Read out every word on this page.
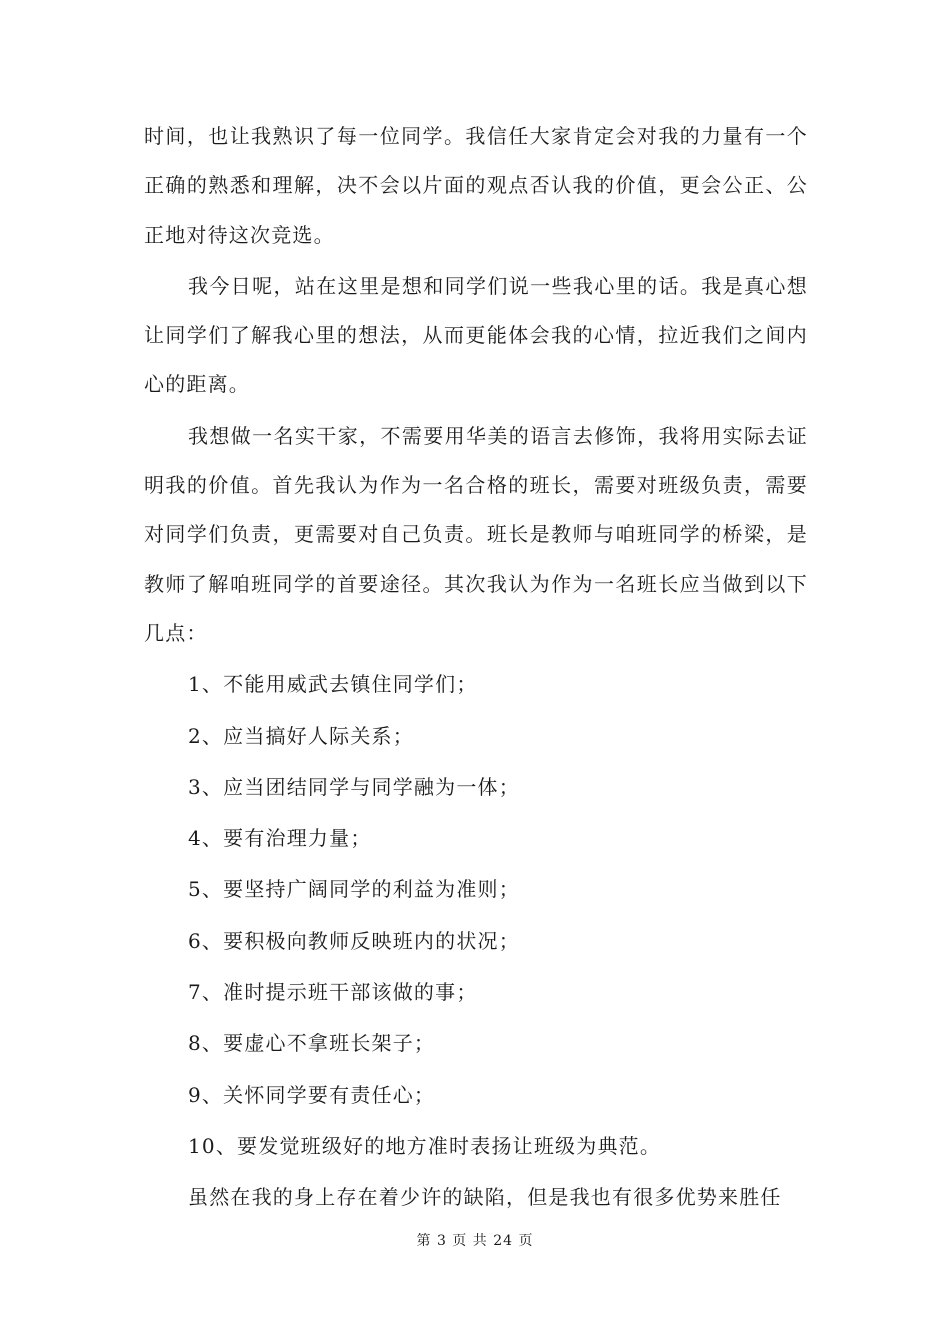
时间，也让我熟识了每一位同学。我信任大家肯定会对我的力量有一个正确的熟悉和理解，决不会以片面的观点否认我的价值，更会公正、公正地对待这次竞选。

我今日呢，站在这里是想和同学们说一些我心里的话。我是真心想让同学们了解我心里的想法，从而更能体会我的心情，拉近我们之间内心的距离。

我想做一名实干家，不需要用华美的语言去修饰，我将用实际去证明我的价值。首先我认为作为一名合格的班长，需要对班级负责，需要对同学们负责，更需要对自己负责。班长是教师与咱班同学的桥梁，是教师了解咱班同学的首要途径。其次我认为作为一名班长应当做到以下几点：

1、不能用威武去镇住同学们；
2、应当搞好人际关系；
3、应当团结同学与同学融为一体；
4、要有治理力量；
5、要坚持广阔同学的利益为准则；
6、要积极向教师反映班内的状况；
7、准时提示班干部该做的事；
8、要虚心不拿班长架子；
9、关怀同学要有责任心；
10、要发觉班级好的地方准时表扬让班级为典范。

虽然在我的身上存在着少许的缺陷，但是我也有很多优势来胜任

第 3 页 共 24 页
